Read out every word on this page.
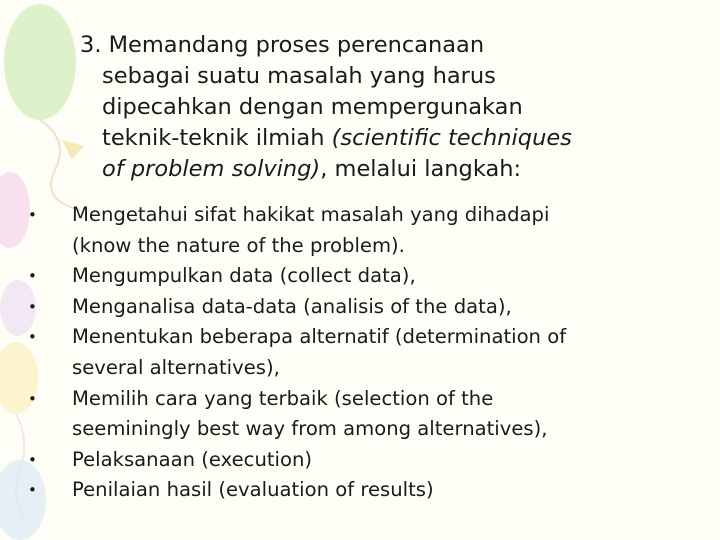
3. Memandang proses perencanaan
sebagai suatu masalah yang harus
dipecahkan dengan mempergunakan
teknik-teknik ilmiah (scientific techniques
of problem solving), melalui langkah:

• Mengetahui sifat hakikat masalah yang dihadapi
(know the nature of the problem).
• Mengumpulkan data (collect data),
• Menganalisa data-data (analisis of the data),
• Menentukan beberapa alternatif (determination of
several alternatives),
• Memilih cara yang terbaik (selection of the
seeminingly best way from among alternatives),
• Pelaksanaan (execution)
• Penilaian hasil (evaluation of results)
